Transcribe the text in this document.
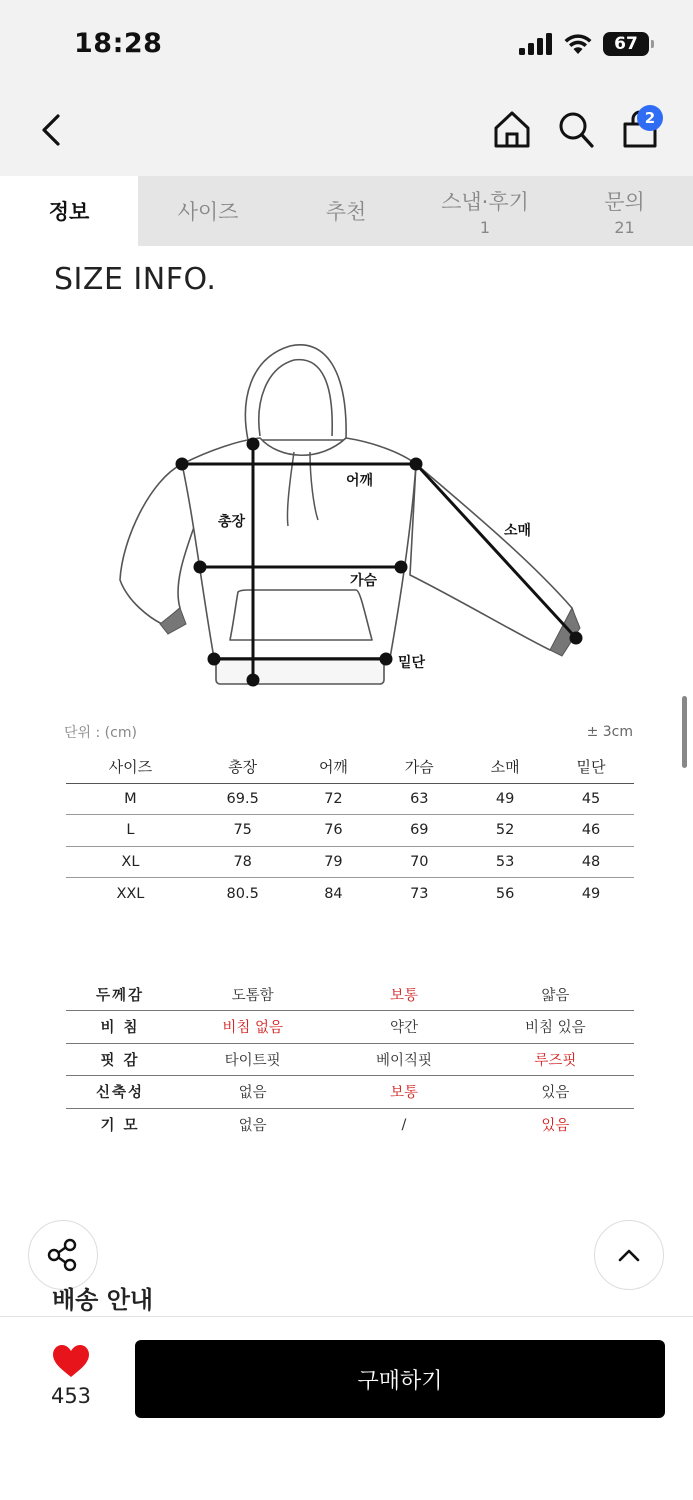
18:28	67
2
정보	사이즈	추천	스냅·후기
1
문의
21
SIZE INFO.
어깨
총장
소매
가슴
밑단
단위 : (cm)	± 3cm
사이즈	총장	어깨	가슴	소매	밑단
M	69.5	72	63	49	45
L	75	76	69	52	46
XL	78	79	70	53	48
XXL	80.5	84	73	56	49
두께감	도톰함	보통	얇음
비 침	비침 없음	약간	비침 있음
핏 감	타이트핏	베이직핏	루즈핏
신축성	없음	보통	있음
기 모	없음	/	있음
배송 안내
453
구매하기
